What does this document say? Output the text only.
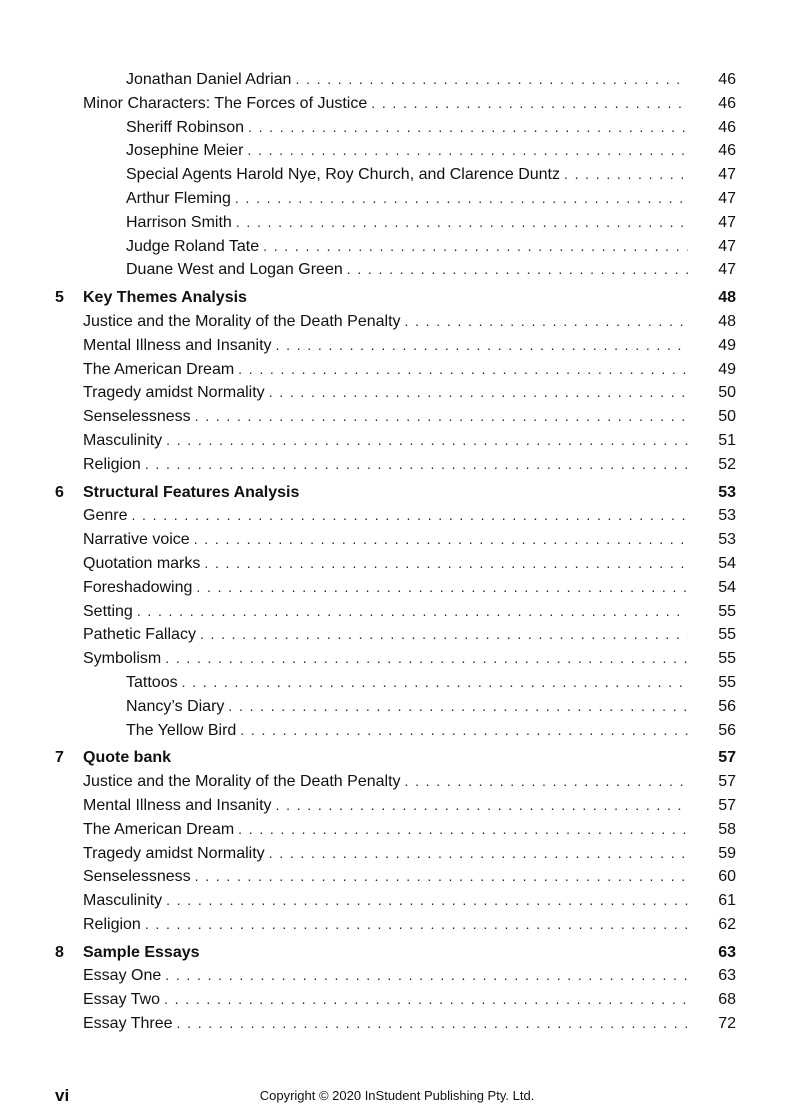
Jonathan Daniel Adrian . . .	46
Minor Characters: The Forces of Justice . . .	46
Sheriff Robinson . . .	46
Josephine Meier . . .	46
Special Agents Harold Nye, Roy Church, and Clarence Duntz . . .	47
Arthur Fleming . . .	47
Harrison Smith . . .	47
Judge Roland Tate . . .	47
Duane West and Logan Green . . .	47
5 Key Themes Analysis	48
Justice and the Morality of the Death Penalty . . .	48
Mental Illness and Insanity . . .	49
The American Dream . . .	49
Tragedy amidst Normality . . .	50
Senselessness . . .	50
Masculinity . . .	51
Religion . . .	52
6 Structural Features Analysis	53
Genre . . .	53
Narrative voice . . .	53
Quotation marks . . .	54
Foreshadowing . . .	54
Setting . . .	55
Pathetic Fallacy . . .	55
Symbolism . . .	55
Tattoos . . .	55
Nancy’s Diary . . .	56
The Yellow Bird . . .	56
7 Quote bank	57
Justice and the Morality of the Death Penalty . . .	57
Mental Illness and Insanity . . .	57
The American Dream . . .	58
Tragedy amidst Normality . . .	59
Senselessness . . .	60
Masculinity . . .	61
Religion . . .	62
8 Sample Essays	63
Essay One . . .	63
Essay Two . . .	68
Essay Three . . .	72
vi	Copyright © 2020 InStudent Publishing Pty. Ltd.
